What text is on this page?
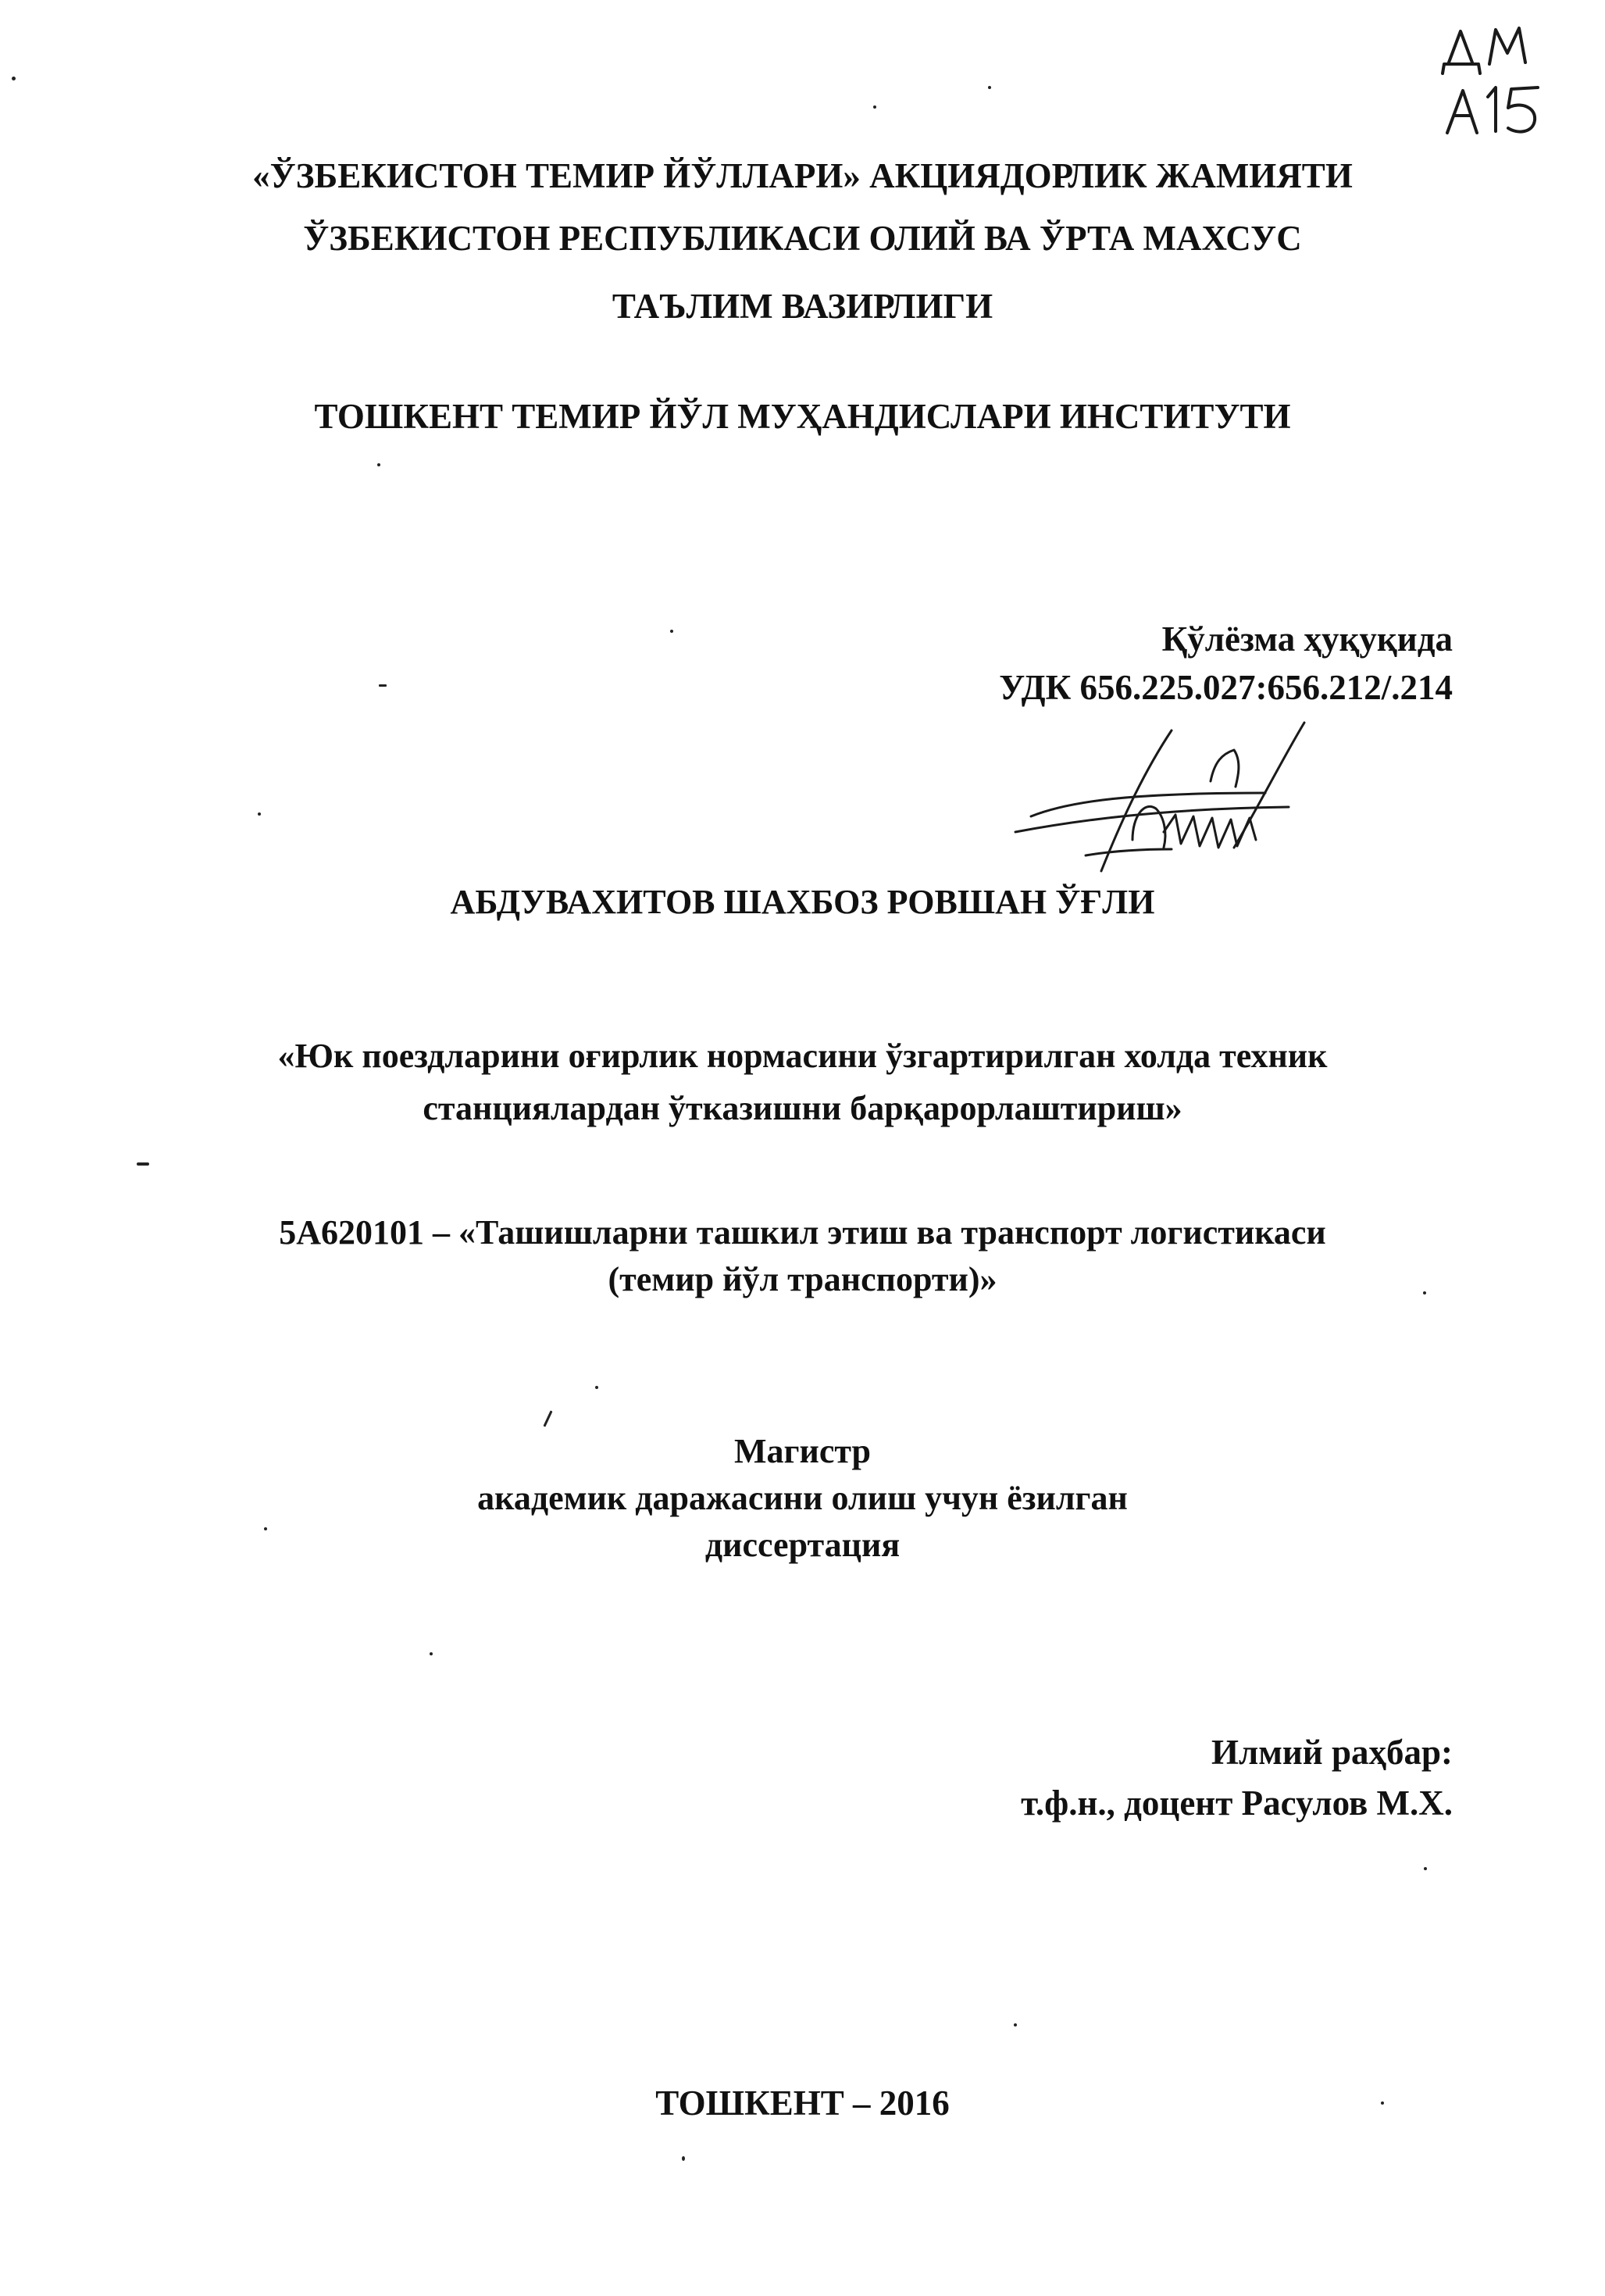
«ЎЗБЕКИСТОН ТЕМИР ЙЎЛЛАРИ» АКЦИЯДОРЛИК ЖАМИЯТИ
ЎЗБЕКИСТОН РЕСПУБЛИКАСИ ОЛИЙ ВА ЎРТА МАХСУС
ТАЪЛИМ ВАЗИРЛИГИ
ТОШКЕНТ ТЕМИР ЙЎЛ МУҲАНДИСЛАРИ ИНСТИТУТИ
Қўлёзма ҳуқуқида
УДК 656.225.027:656.212/.214
АБДУВАХИТОВ ШАХБОЗ РОВШАН ЎҒЛИ
«Юк поездларини оғирлик нормасини ўзгартирилган холда техник
станциялардан ўтказишни барқарорлаштириш»
5А620101 – «Ташишларни ташкил этиш ва транспорт логистикаси
(темир йўл транспорти)»
Магистр
академик даражасини олиш учун ёзилган
диссертация
Илмий раҳбар:
т.ф.н., доцент Расулов М.Х.
ТОШКЕНТ – 2016
